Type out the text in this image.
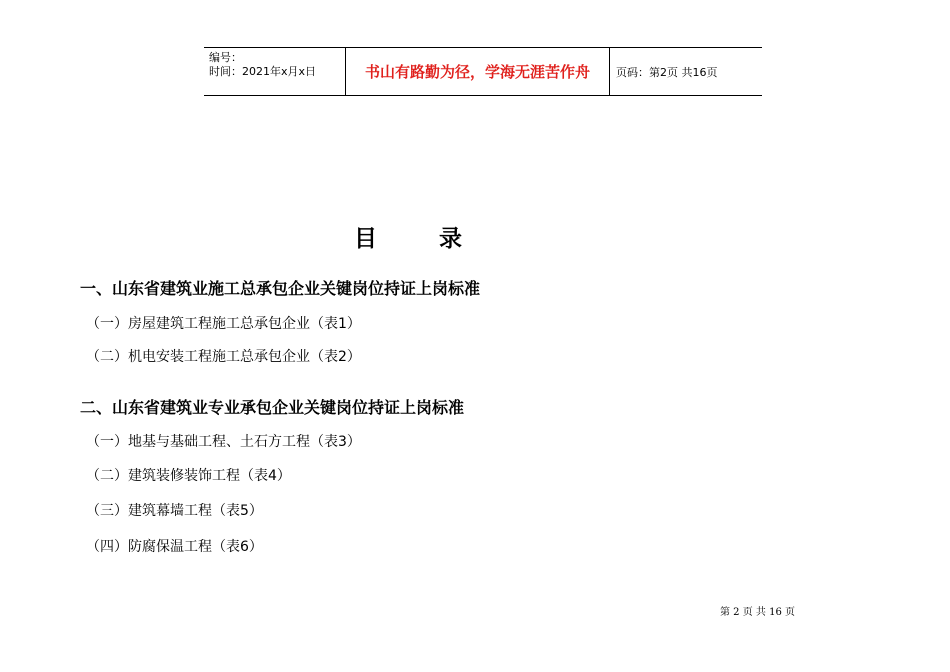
编号：
时间：2021年x月x日	书山有路勤为径，学海无涯苦作舟 页码：第2页 共16页
目录
一、山东省建筑业施工总承包企业关键岗位持证上岗标准
（一）房屋建筑工程施工总承包企业（表1）
（二）机电安装工程施工总承包企业（表2）
二、山东省建筑业专业承包企业关键岗位持证上岗标准
（一）地基与基础工程、土石方工程（表3）
（二）建筑装修装饰工程（表4）
（三）建筑幕墙工程（表5）
（四）防腐保温工程（表6）
第 2 页 共 16 页
